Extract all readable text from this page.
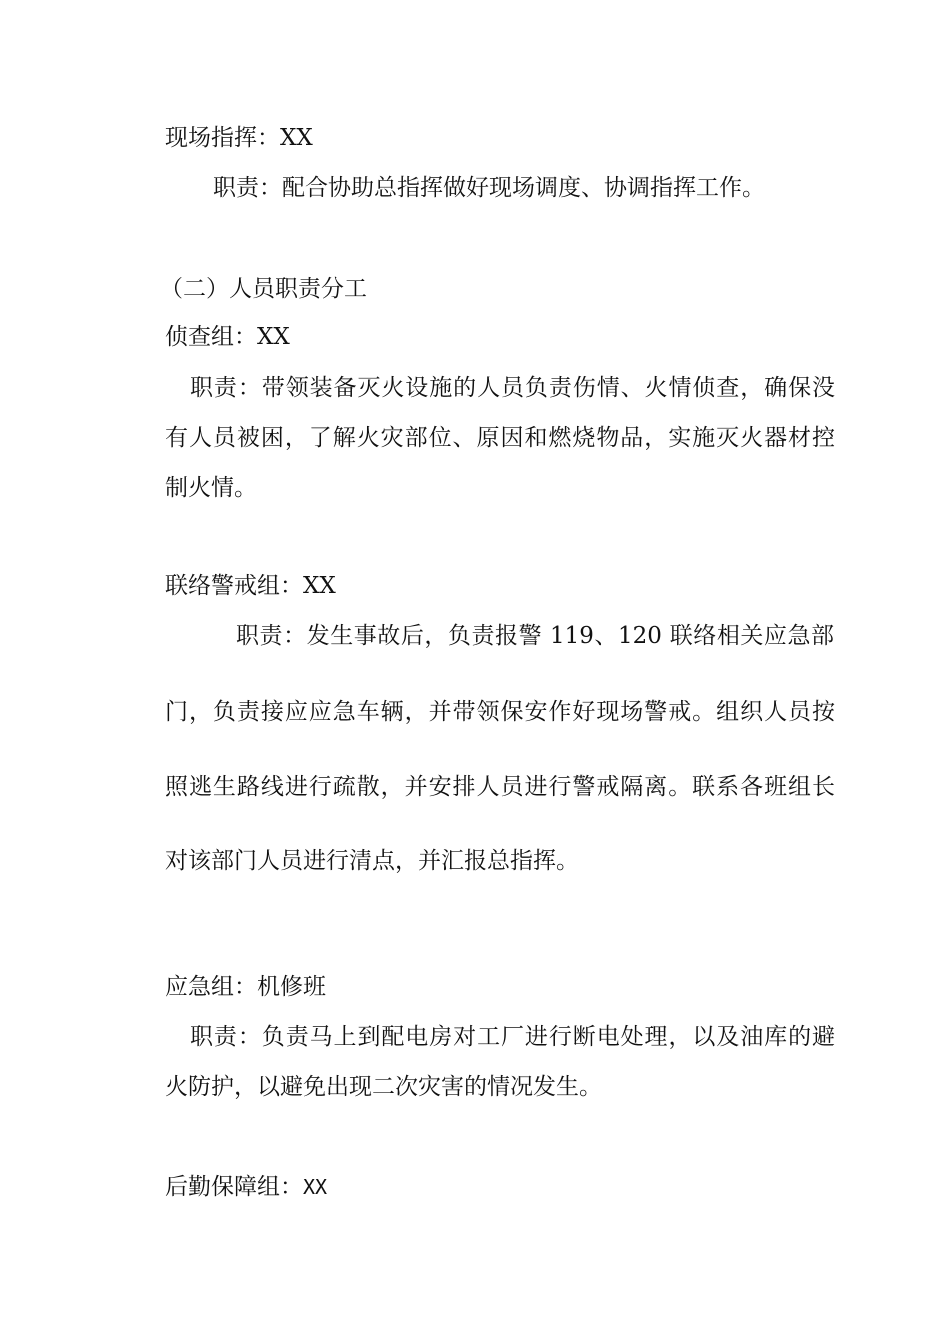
现场指挥：XX

职责：配合协助总指挥做好现场调度、协调指挥工作。

（二）人员职责分工

侦查组：XX

职责：带领装备灭火设施的人员负责伤情、火情侦查，确保没

有人员被困，了解火灾部位、原因和燃烧物品，实施灭火器材控

制火情。

联络警戒组：XX

职责：发生事故后，负责报警 119、120 联络相关应急部

门，负责接应应急车辆，并带领保安作好现场警戒。组织人员按

照逃生路线进行疏散，并安排人员进行警戒隔离。联系各班组长

对该部门人员进行清点，并汇报总指挥。

应急组：机修班

职责：负责马上到配电房对工厂进行断电处理，以及油库的避

火防护，以避免出现二次灾害的情况发生。

后勤保障组：XX
